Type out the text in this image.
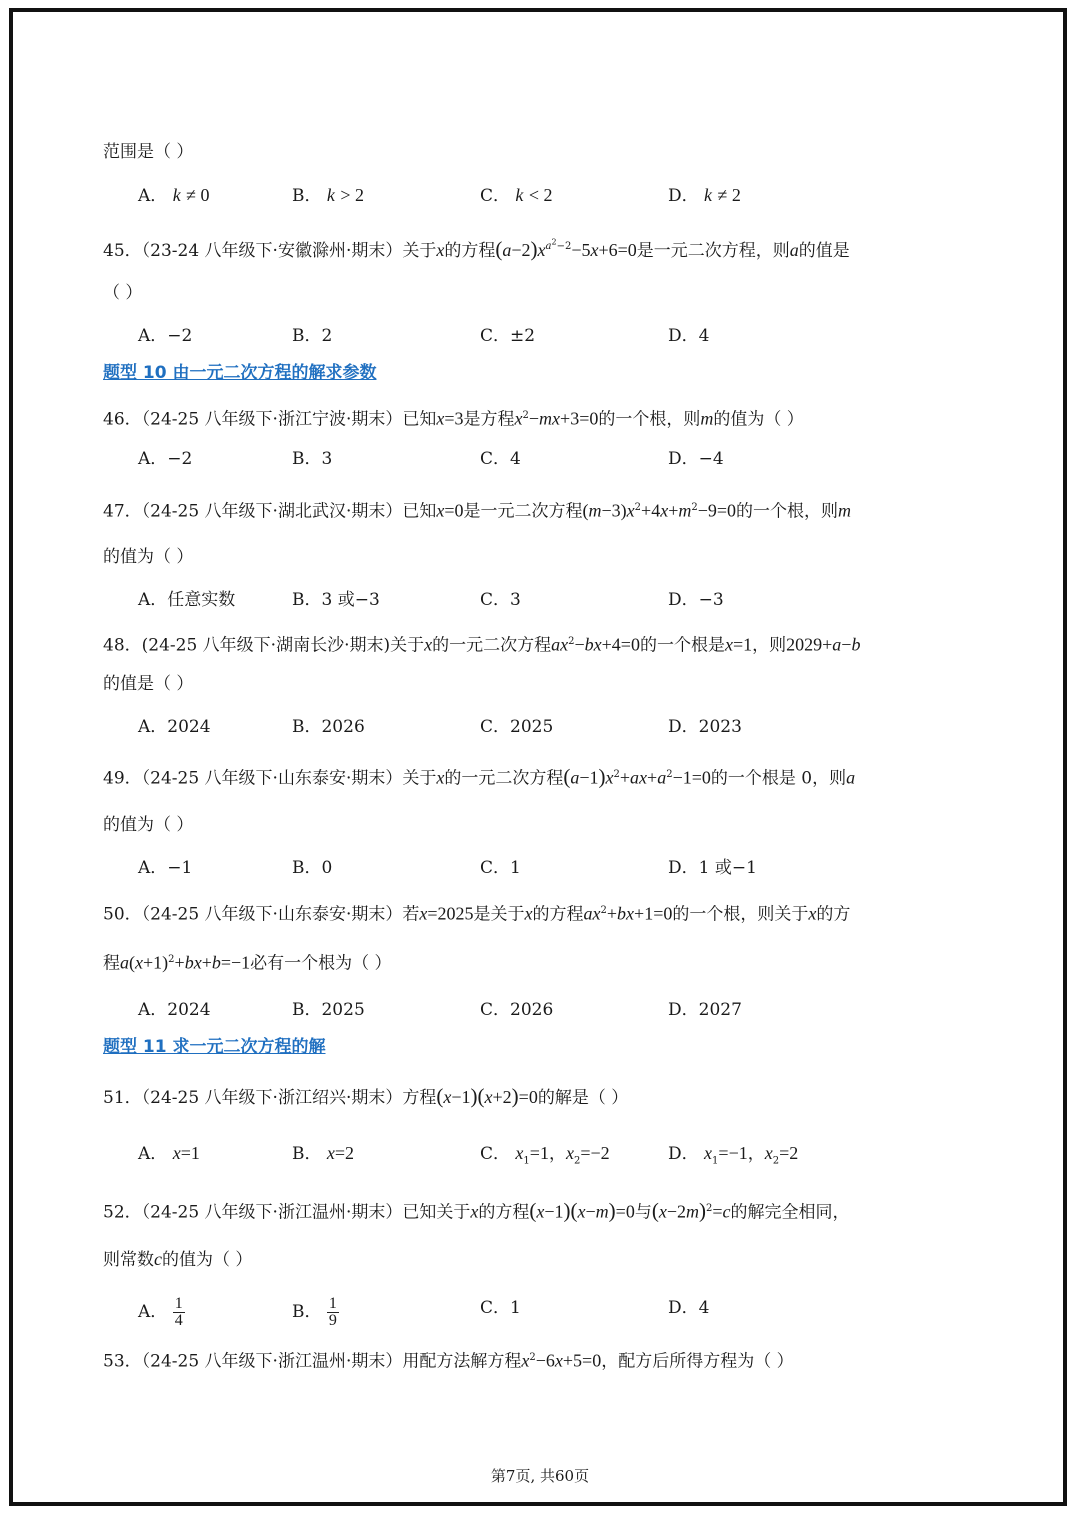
范围是（ ）
A． k ≠ 0	B． k > 2	C． k < 2	D． k ≠ 2
45．（23-24 八年级下·安徽滁州·期末）关于x的方程$(a-2)x^{a^2-2}-5x+6=0$是一元二次方程，则a的值是
（ ）
A．−2	B．2	C．±2	D．4
题型 10 由一元二次方程的解求参数
46．（24-25 八年级下·浙江宁波·期末）已知x=3是方程$x^2-mx+3=0$的一个根，则m的值为（ ）
A．−2	B．3	C．4	D．−4
47．（24-25 八年级下·湖北武汉·期末）已知x=0是一元二次方程$(m-3)x^2+4x+m^2-9=0$的一个根，则m
的值为（ ）
A．任意实数	B．3 或−3	C．3	D．−3
48．(24-25 八年级下·湖南长沙·期末)关于x的一元二次方程$ax^2-bx+4=0$的一个根是x=1，则2029+a−b
的值是（ ）
A．2024	B．2026	C．2025	D．2023
49．（24-25 八年级下·山东泰安·期末）关于x的一元二次方程$(a-1)x^2+ax+a^2-1=0$的一个根是 0，则a
的值为（ ）
A．−1	B．0	C．1	D．1 或−1
50．（24-25 八年级下·山东泰安·期末）若x=2025是关于x的方程$ax^2+bx+1=0$的一个根，则关于x的方
程$a(x+1)^2+bx+b=-1$必有一个根为（ ）
A．2024	B．2025	C．2026	D．2027
题型 11 求一元二次方程的解
51．（24-25 八年级下·浙江绍兴·期末）方程(x−1)(x+2)=0的解是（ ）
A． x=1	B． x=2	C． $x_1=1$，$x_2=-2$	D． $x_1=-1$，$x_2=2$
52．（24-25 八年级下·浙江温州·期末）已知关于x的方程(x−1)(x−m)=0与$(x-2m)^2=c$的解完全相同，
则常数c的值为（ ）
A． $\frac{1}{4}$	B． $\frac{1}{9}$	C．1	D．4
53．（24-25 八年级下·浙江温州·期末）用配方法解方程$x^2-6x+5=0$，配方后所得方程为（ ）
第7页, 共60页
